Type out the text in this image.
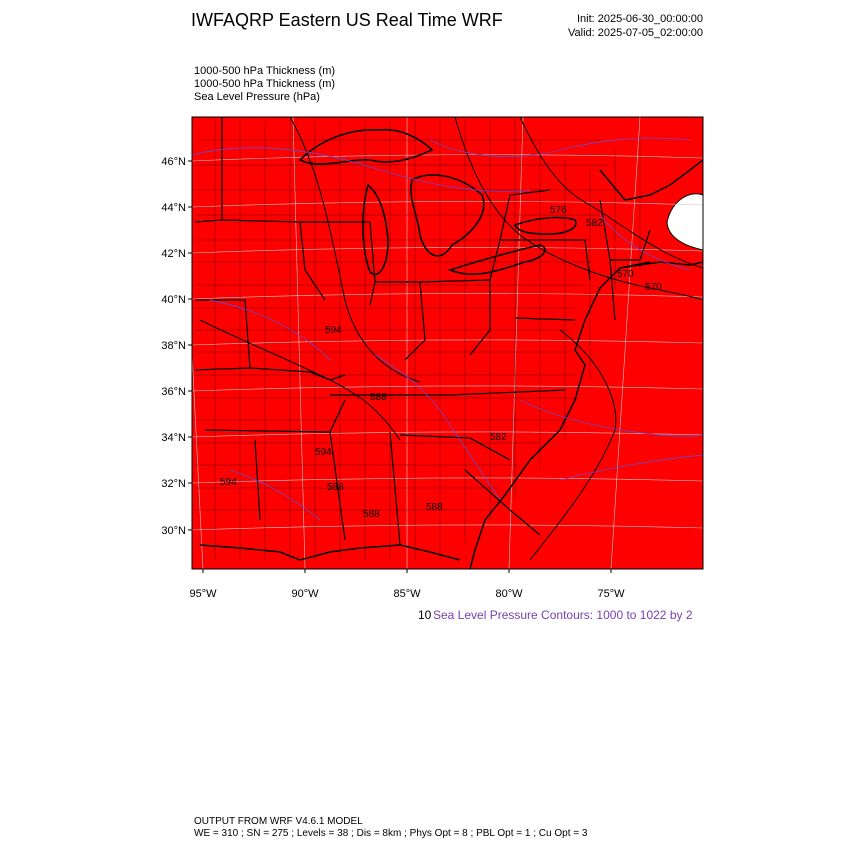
IWFAQRP Eastern US Real Time WRF	Init: 2025-06-30_00:00:00
Valid: 2025-07-05_02:00:00
1000-500 hPa Thickness (m)
1000-500 hPa Thickness (m)
Sea Level Pressure (hPa)
46°N
44°N
42°N
40°N
38°N
36°N
34°N
32°N
30°N
95°W	90°W	85°W	80°W	75°W
570
576
582
570
594
588
594
588
594
588
588
582
10 Sea Level Pressure Contours: 1000 to 1022 by 2
OUTPUT FROM WRF V4.6.1 MODEL
WE = 310 ; SN = 275 ; Levels = 38 ; Dis = 8km ; Phys Opt = 8 ; PBL Opt = 1 ; Cu Opt = 3
